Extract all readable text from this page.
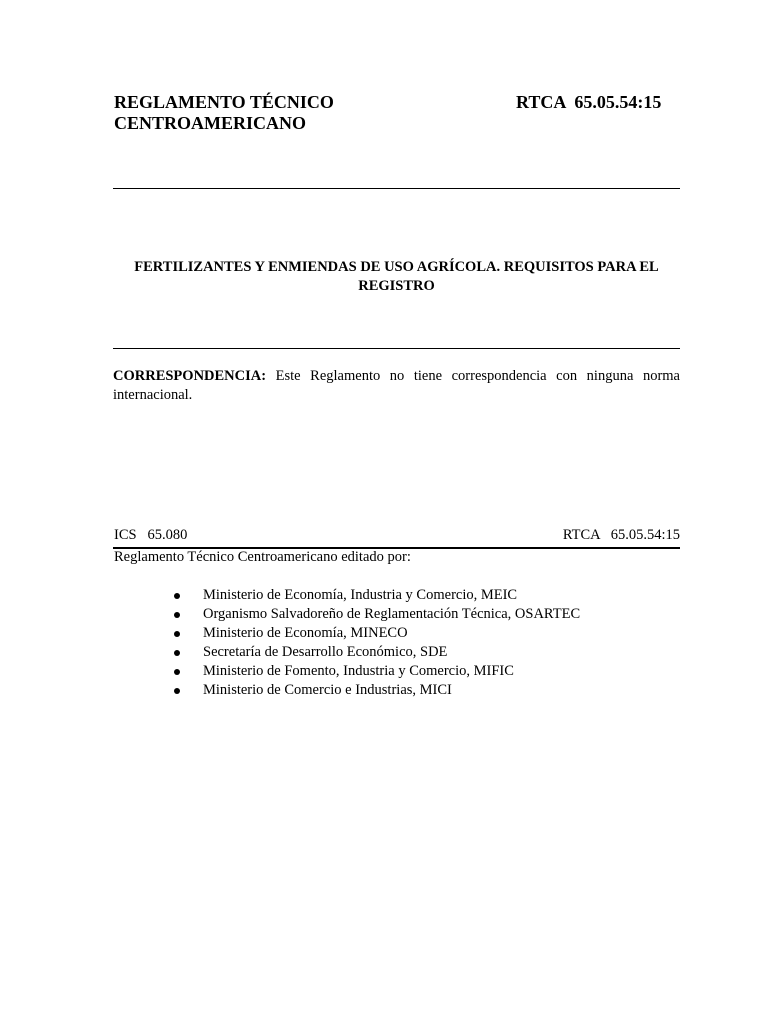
REGLAMENTO TÉCNICO
CENTROAMERICANO
RTCA  65.05.54:15
FERTILIZANTES Y ENMIENDAS DE USO AGRÍCOLA. REQUISITOS PARA EL
REGISTRO
CORRESPONDENCIA: Este Reglamento no tiene correspondencia con ninguna norma internacional.
ICS   65.080	RTCA   65.05.54:15
Reglamento Técnico Centroamericano editado por:
Ministerio de Economía, Industria y Comercio, MEIC
Organismo Salvadoreño de Reglamentación Técnica, OSARTEC
Ministerio de Economía, MINECO
Secretaría de Desarrollo Económico, SDE
Ministerio de Fomento, Industria y Comercio, MIFIC
Ministerio de Comercio e Industrias, MICI
